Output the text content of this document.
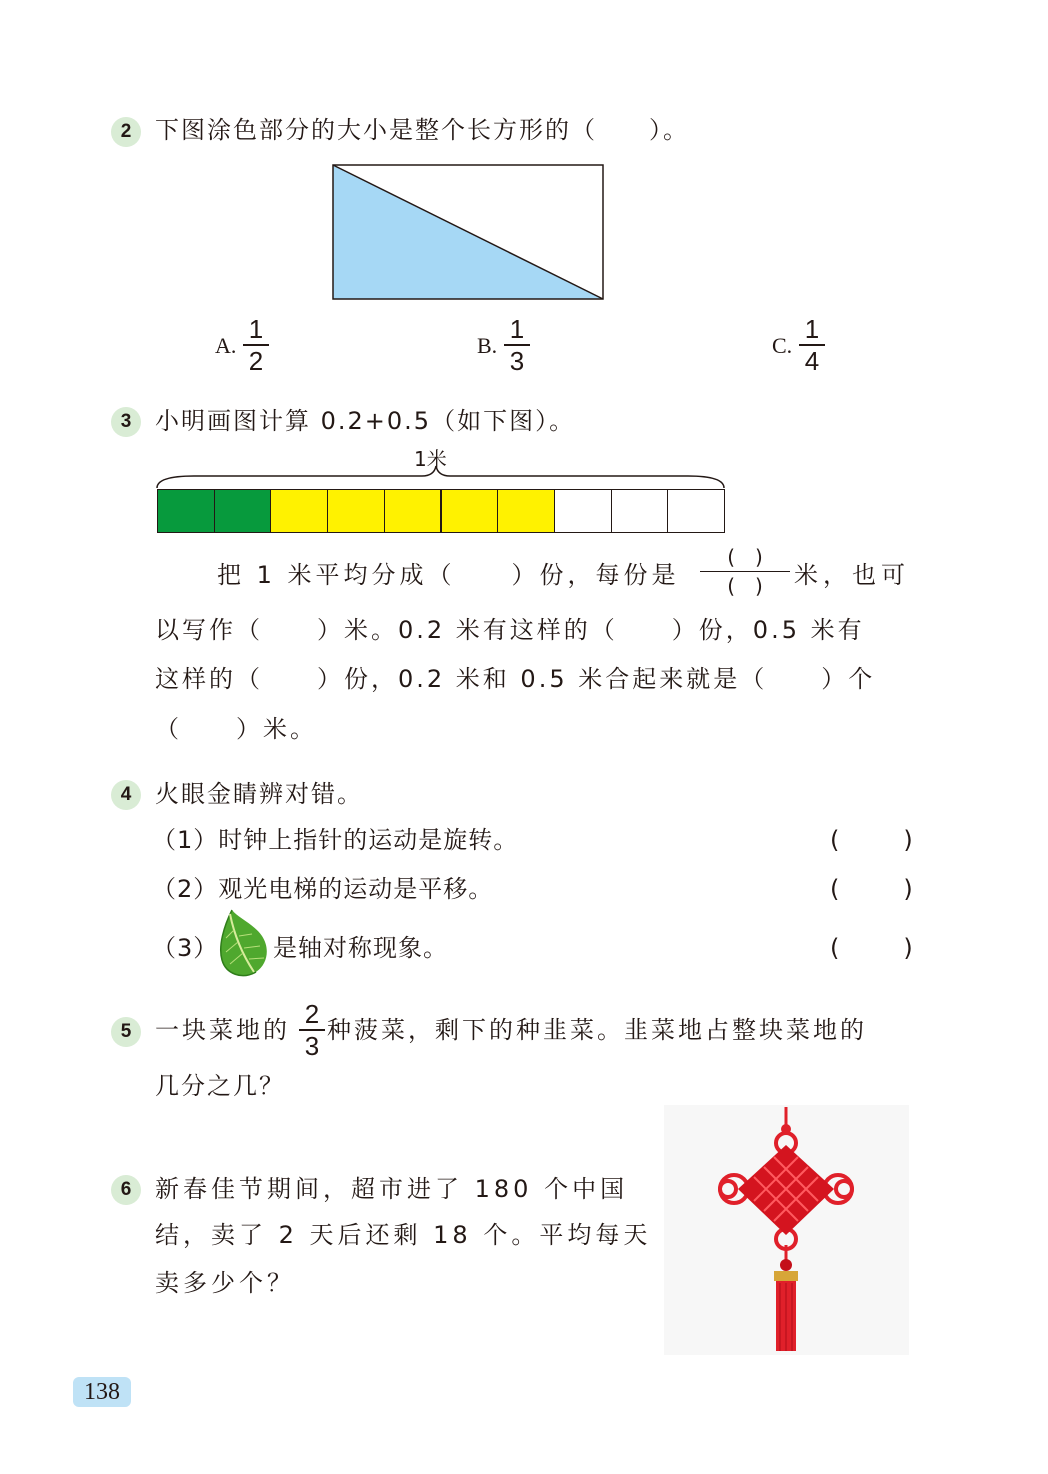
2 下图涂色部分的大小是整个长方形的（　　）。
A.
1
2
B.
1
3
C.
1
4
3 小明画图计算 0.2+0.5（如下图）。
1米
把 1 米平均分成（　　）份，每份是
(　)
(　)	米，也可
以写作（　　）米。0.2 米有这样的（　　）份，0.5 米有
这样的（　　）份，0.2 米和 0.5 米合起来就是（　　）个
（　　）米。
4 火眼金睛辨对错。
（1）时钟上指针的运动是旋转。	(　)
（2）观光电梯的运动是平移。	(　)
（3） 是轴对称现象。	(　)
5 一块菜地的
2
3
种菠菜，剩下的种韭菜。韭菜地占整块菜地的
几分之几？
6 新春佳节期间，超市进了 180 个中国
结，卖了 2 天后还剩 18 个。平均每天
卖多少个？
138
